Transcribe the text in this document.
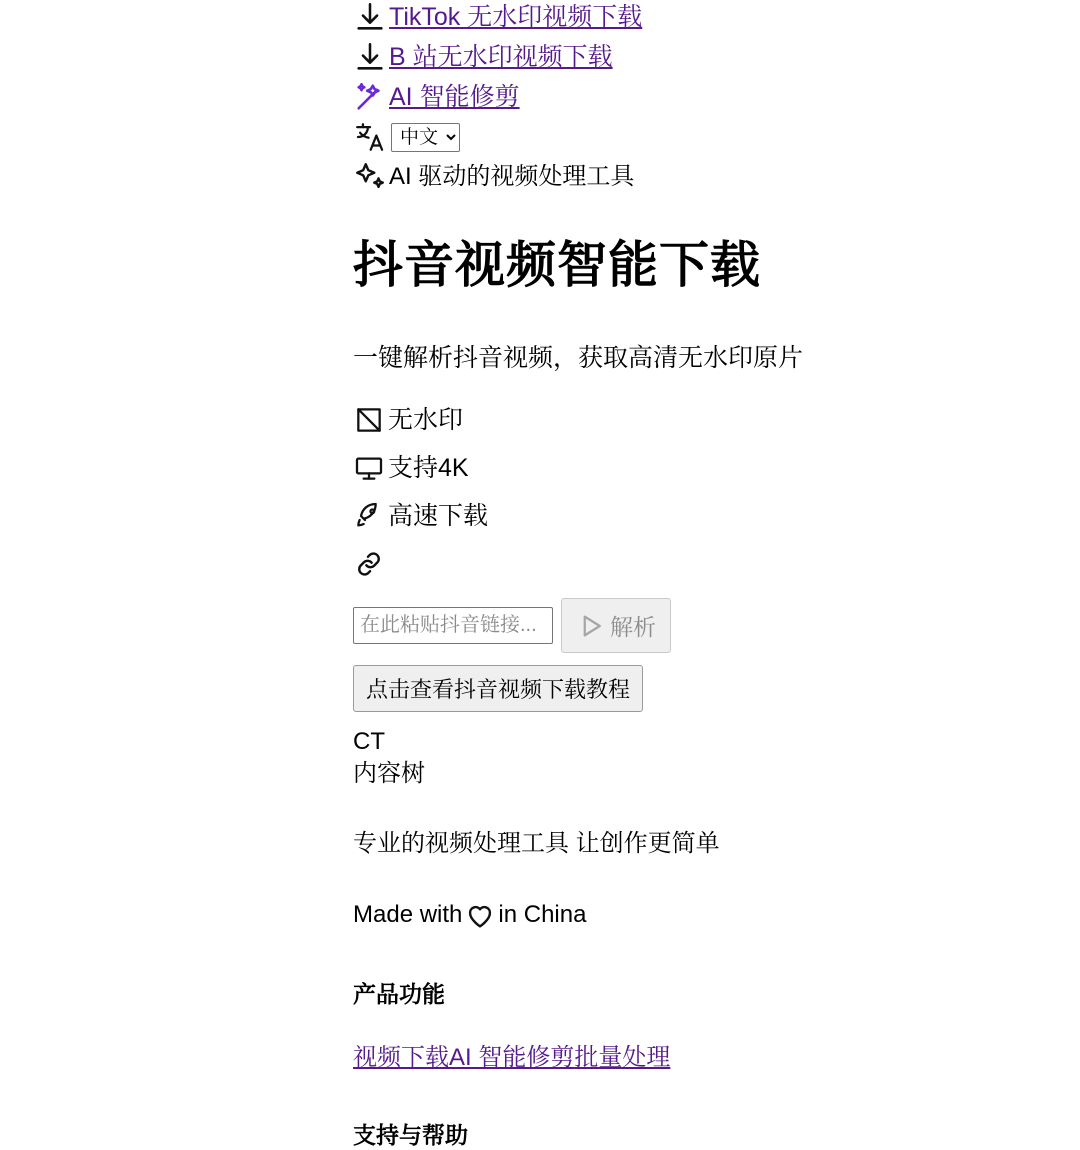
TikTok 无水印视频下载
B 站无水印视频下载
AI 智能修剪
中文
AI 驱动的视频处理工具
抖音视频智能下载

一键解析抖音视频，获取高清无水印原片

无水印
支持4K
高速下载
在此粘贴抖音链接...
解析
点击查看抖音视频下载教程
CT
内容树
专业的视频处理工具 让创作更简单
Made with in China
产品功能
视频下载AI 智能修剪批量处理
支持与帮助
